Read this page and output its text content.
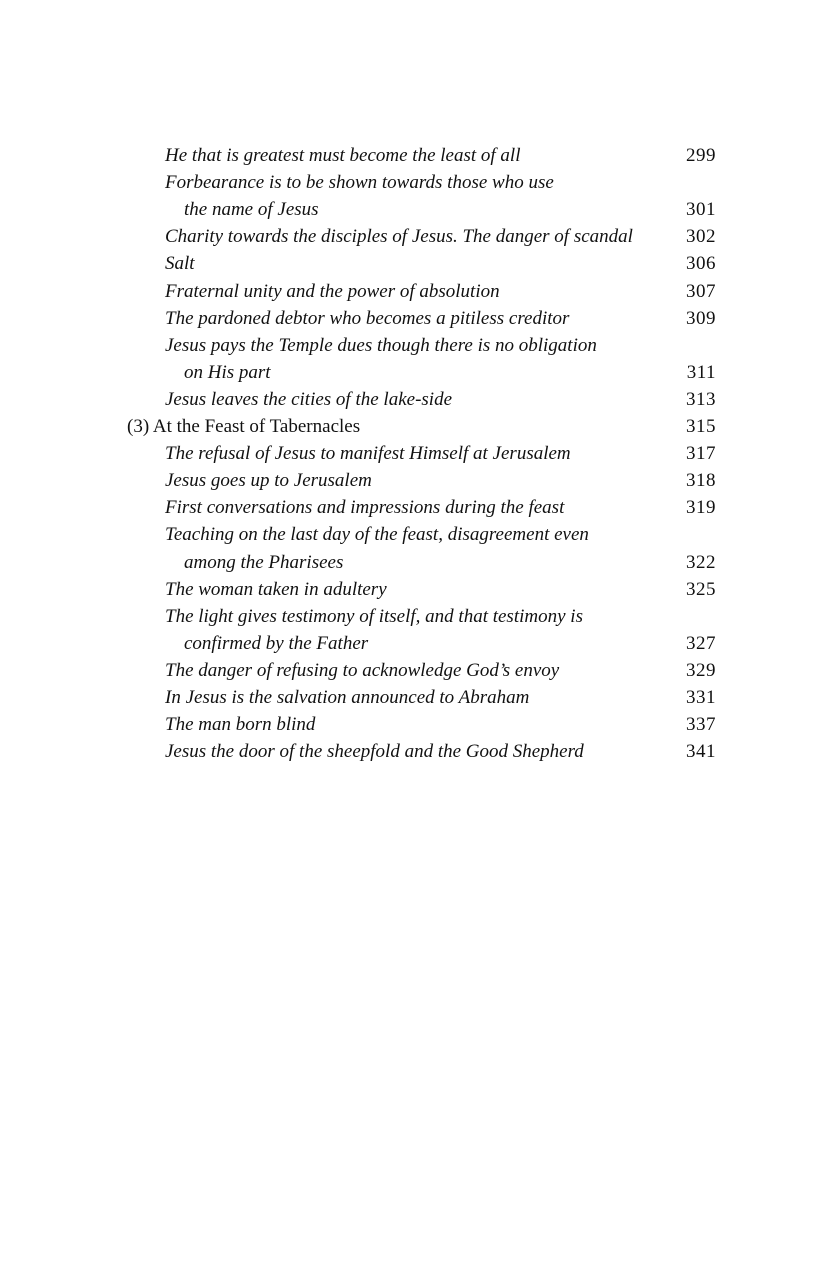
He that is greatest must become the least of all	299
Forbearance is to be shown towards those who use
the name of Jesus	301
Charity towards the disciples of Jesus. The danger of scandal	302
Salt	306
Fraternal unity and the power of absolution	307
The pardoned debtor who becomes a pitiless creditor	309
Jesus pays the Temple dues though there is no obligation
on His part	311
Jesus leaves the cities of the lake-side	313
(3) At the Feast of Tabernacles	315
The refusal of Jesus to manifest Himself at Jerusalem	317
Jesus goes up to Jerusalem	318
First conversations and impressions during the feast	319
Teaching on the last day of the feast, disagreement even
among the Pharisees	322
The woman taken in adultery	325
The light gives testimony of itself, and that testimony is
confirmed by the Father	327
The danger of refusing to acknowledge God’s envoy	329
In Jesus is the salvation announced to Abraham	331
The man born blind	337
Jesus the door of the sheepfold and the Good Shepherd	341
